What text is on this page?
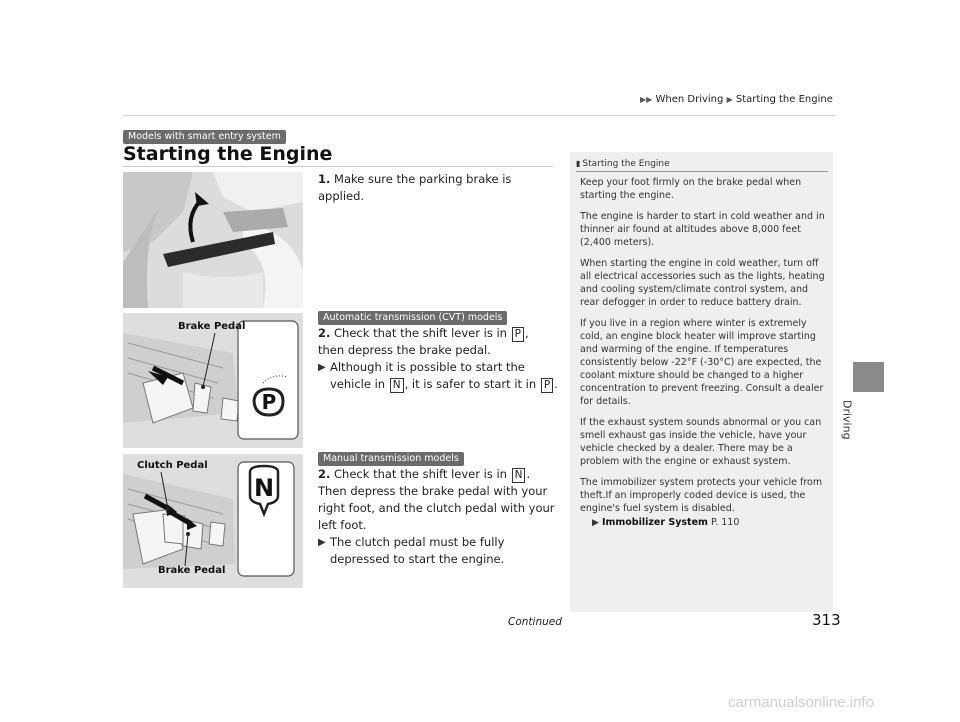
▶▶ When Driving ▶ Starting the Engine
Driving
Models with smart entry system
Starting the Engine
1. Make sure the parking brake is applied.
Automatic transmission (CVT) models
P
Brake Pedal	2. Check that the shift lever is in P , then depress the brake pedal.
▶ Although it is possible to start the vehicle in N , it is safer to start it in P .
Manual transmission models
N
Clutch Pedal
Brake Pedal
2. Check that the shift lever is in N . Then depress the brake pedal with your right foot, and the clutch pedal with your left foot.
▶ The clutch pedal must be fully depressed to start the engine.
▮ Starting the Engine

Keep your foot firmly on the brake pedal when starting the engine.

The engine is harder to start in cold weather and in thinner air found at altitudes above 8,000 feet (2,400 meters).

When starting the engine in cold weather, turn off all electrical accessories such as the lights, heating and cooling system/climate control system, and rear defogger in order to reduce battery drain.

If you live in a region where winter is extremely cold, an engine block heater will improve starting and warming of the engine. If temperatures consistently below -22°F (-30°C) are expected, the coolant mixture should be changed to a higher concentration to prevent freezing. Consult a dealer for details.

If the exhaust system sounds abnormal or you can smell exhaust gas inside the vehicle, have your vehicle checked by a dealer. There may be a problem with the engine or exhaust system.

The immobilizer system protects your vehicle from theft.If an improperly coded device is used, the engine's fuel system is disabled.

▶ Immobilizer System P. 110
Continued	313
carmanualsonline.info
